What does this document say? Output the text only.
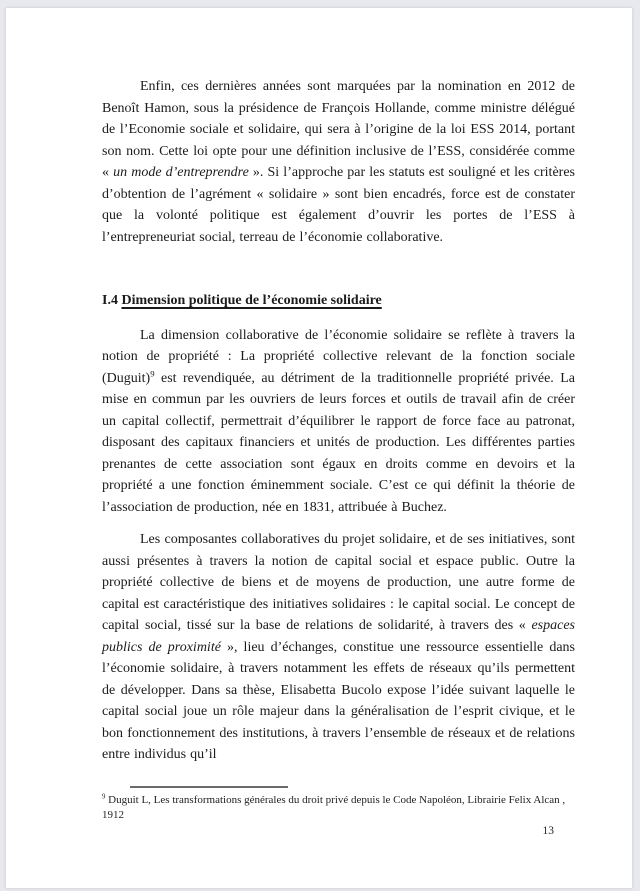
Enfin, ces dernières années sont marquées par la nomination en 2012 de Benoît Hamon, sous la présidence de François Hollande, comme ministre délégué de l’Economie sociale et solidaire, qui sera à l’origine de la loi ESS 2014, portant son nom. Cette loi opte pour une définition inclusive de l’ESS, considérée comme « un mode d’entreprendre ». Si l’approche par les statuts est souligné et les critères d’obtention de l’agrément « solidaire » sont bien encadrés, force est de constater que la volonté politique est également d’ouvrir les portes de l’ESS à l’entrepreneuriat social, terreau de l’économie collaborative.

I.4 Dimension politique de l’économie solidaire

La dimension collaborative de l’économie solidaire se reflète à travers la notion de propriété : La propriété collective relevant de la fonction sociale (Duguit)$^9$ est revendiquée, au détriment de la traditionnelle propriété privée. La mise en commun par les ouvriers de leurs forces et outils de travail afin de créer un capital collectif, permettrait d’équilibrer le rapport de force face au patronat, disposant des capitaux financiers et unités de production. Les différentes parties prenantes de cette association sont égaux en droits comme en devoirs et la propriété a une fonction éminemment sociale. C’est ce qui définit la théorie de l’association de production, née en 1831, attribuée à Buchez.

Les composantes collaboratives du projet solidaire, et de ses initiatives, sont aussi présentes à travers la notion de capital social et espace public. Outre la propriété collective de biens et de moyens de production, une autre forme de capital est caractéristique des initiatives solidaires : le capital social. Le concept de capital social, tissé sur la base de relations de solidarité, à travers des « espaces publics de proximité », lieu d’échanges, constitue une ressource essentielle dans l’économie solidaire, à travers notamment les effets de réseaux qu’ils permettent de développer. Dans sa thèse, Elisabetta Bucolo expose l’idée suivant laquelle le capital social joue un rôle majeur dans la généralisation de l’esprit civique, et le bon fonctionnement des institutions, à travers l’ensemble de réseaux et de relations entre individus qu’il

$^9$ Duguit L, Les transformations générales du droit privé depuis le Code Napoléon, Librairie Felix Alcan , 1912

13
